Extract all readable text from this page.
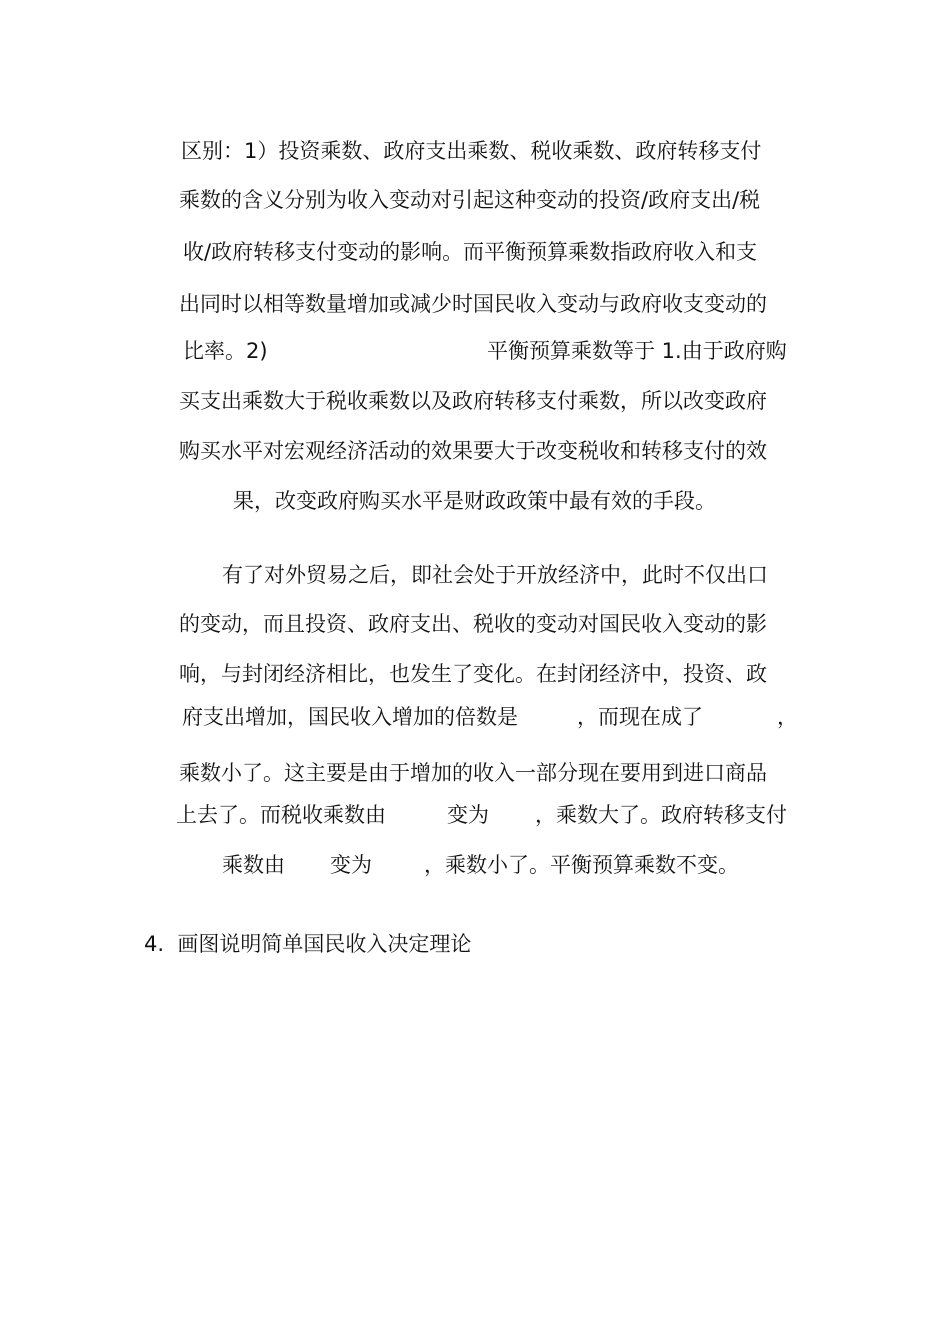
区别：1）投资乘数、政府支出乘数、税收乘数、政府转移支付
乘数的含义分别为收入变动对引起这种变动的投资/政府支出/税
收/政府转移支付变动的影响。而平衡预算乘数指政府收入和支
出同时以相等数量增加或减少时国民收入变动与政府收支变动的
比率。2)	平衡预算乘数等于 1.由于政府购
买支出乘数大于税收乘数以及政府转移支付乘数，所以改变政府
购买水平对宏观经济活动的效果要大于改变税收和转移支付的效
果，改变政府购买水平是财政政策中最有效的手段。
有了对外贸易之后，即社会处于开放经济中，此时不仅出口
的变动，而且投资、政府支出、税收的变动对国民收入变动的影
响，与封闭经济相比，也发生了变化。在封闭经济中，投资、政
府支出增加，国民收入增加的倍数是	，而现在成了	，
乘数小了。这主要是由于增加的收入一部分现在要用到进口商品
上去了。而税收乘数由	变为 ，乘数大了。政府转移支付
乘数由 变为 ，乘数小了。平衡预算乘数不变。
4.  画图说明简单国民收入决定理论
